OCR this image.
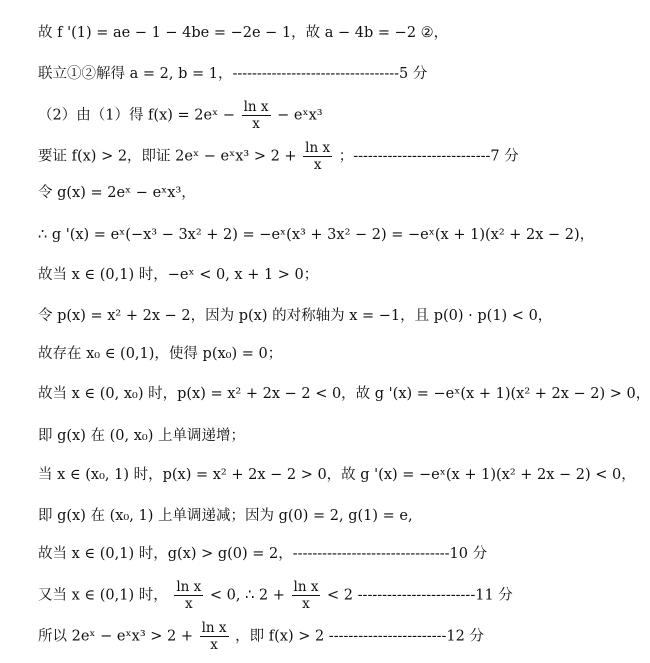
故 f '(1) = ae − 1 − 4be = −2e − 1，故 a − 4b = −2 ②，
联立①②解得 a = 2, b = 1，----------------------------------5 分
（2）由（1）得 f(x) = 2eˣ − $\frac{\text{ln x}}{x}$ − eˣx³
要证 f(x) > 2，即证 2eˣ − eˣx³ > $2 + \frac{\text{ln x}}{x}$ ；----------------------------7 分
令 g(x) = 2eˣ − eˣx³，
∴ g '(x) = eˣ(−x³ − 3x² + 2) = −eˣ(x³ + 3x² − 2) = −eˣ(x + 1)(x² + 2x − 2)，
故当 x ∈ (0,1) 时，−eˣ < 0, x + 1 > 0；
令 p(x) = x² + 2x − 2，因为 p(x) 的对称轴为 x = −1，且 p(0) · p(1) < 0，
故存在 x₀ ∈ (0,1)，使得 p(x₀) = 0；
故当 x ∈ (0, x₀) 时，p(x) = x² + 2x − 2 < 0，故 g '(x) = −eˣ(x + 1)(x² + 2x − 2) > 0，
即 g(x) 在 (0, x₀) 上单调递增；
当 x ∈ (x₀, 1) 时，p(x) = x² + 2x − 2 > 0，故 g '(x) = −eˣ(x + 1)(x² + 2x − 2) < 0，
即 g(x) 在 (x₀, 1) 上单调递减；因为 g(0) = 2, g(1) = e,
故当 x ∈ (0,1) 时，g(x) > g(0) = 2，--------------------------------10 分
又当 x ∈ (0,1) 时， $\frac{\text{ln x}}{x} < 0$, ∴ $2 + \frac{\text{ln x}}{x} < 2$ ------------------------11 分
所以 2eˣ − eˣx³ > $2 + \frac{\text{ln x}}{x}$ ，即 f(x) > 2 ------------------------12 分
